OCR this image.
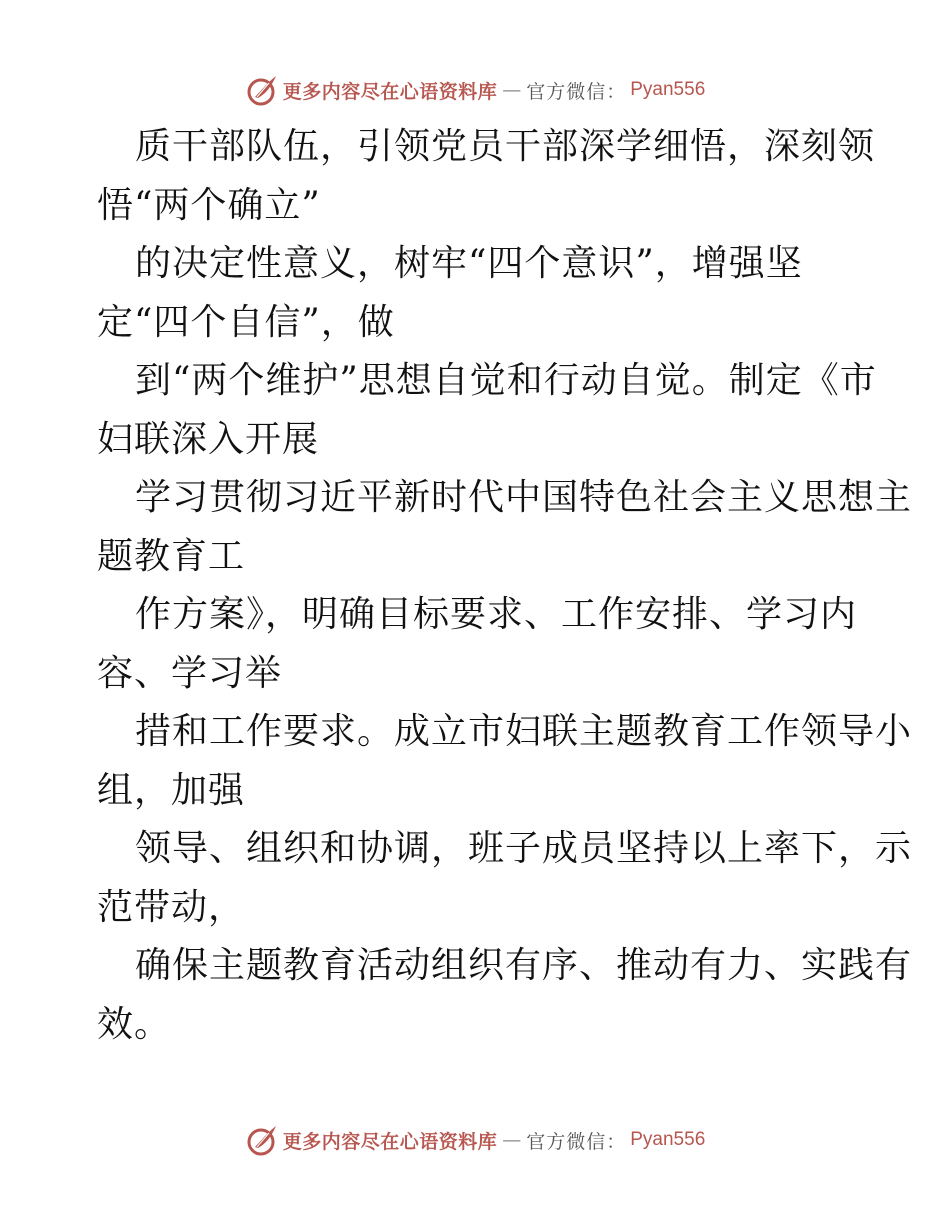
更多内容尽在心语资料库 — 官方微信： Pyan556
质干部队伍，引领党员干部深学细悟，深刻领
悟“两个确立”
的决定性意义，树牢“四个意识”，增强坚
定“四个自信”，做
到“两个维护”思想自觉和行动自觉。制定《市
妇联深入开展
学习贯彻习近平新时代中国特色社会主义思想主
题教育工
作方案》，明确目标要求、工作安排、学习内
容、学习举
措和工作要求。成立市妇联主题教育工作领导小
组，加强
领导、组织和协调，班子成员坚持以上率下，示
范带动，
确保主题教育活动组织有序、推动有力、实践有
效。
更多内容尽在心语资料库 — 官方微信： Pyan556
